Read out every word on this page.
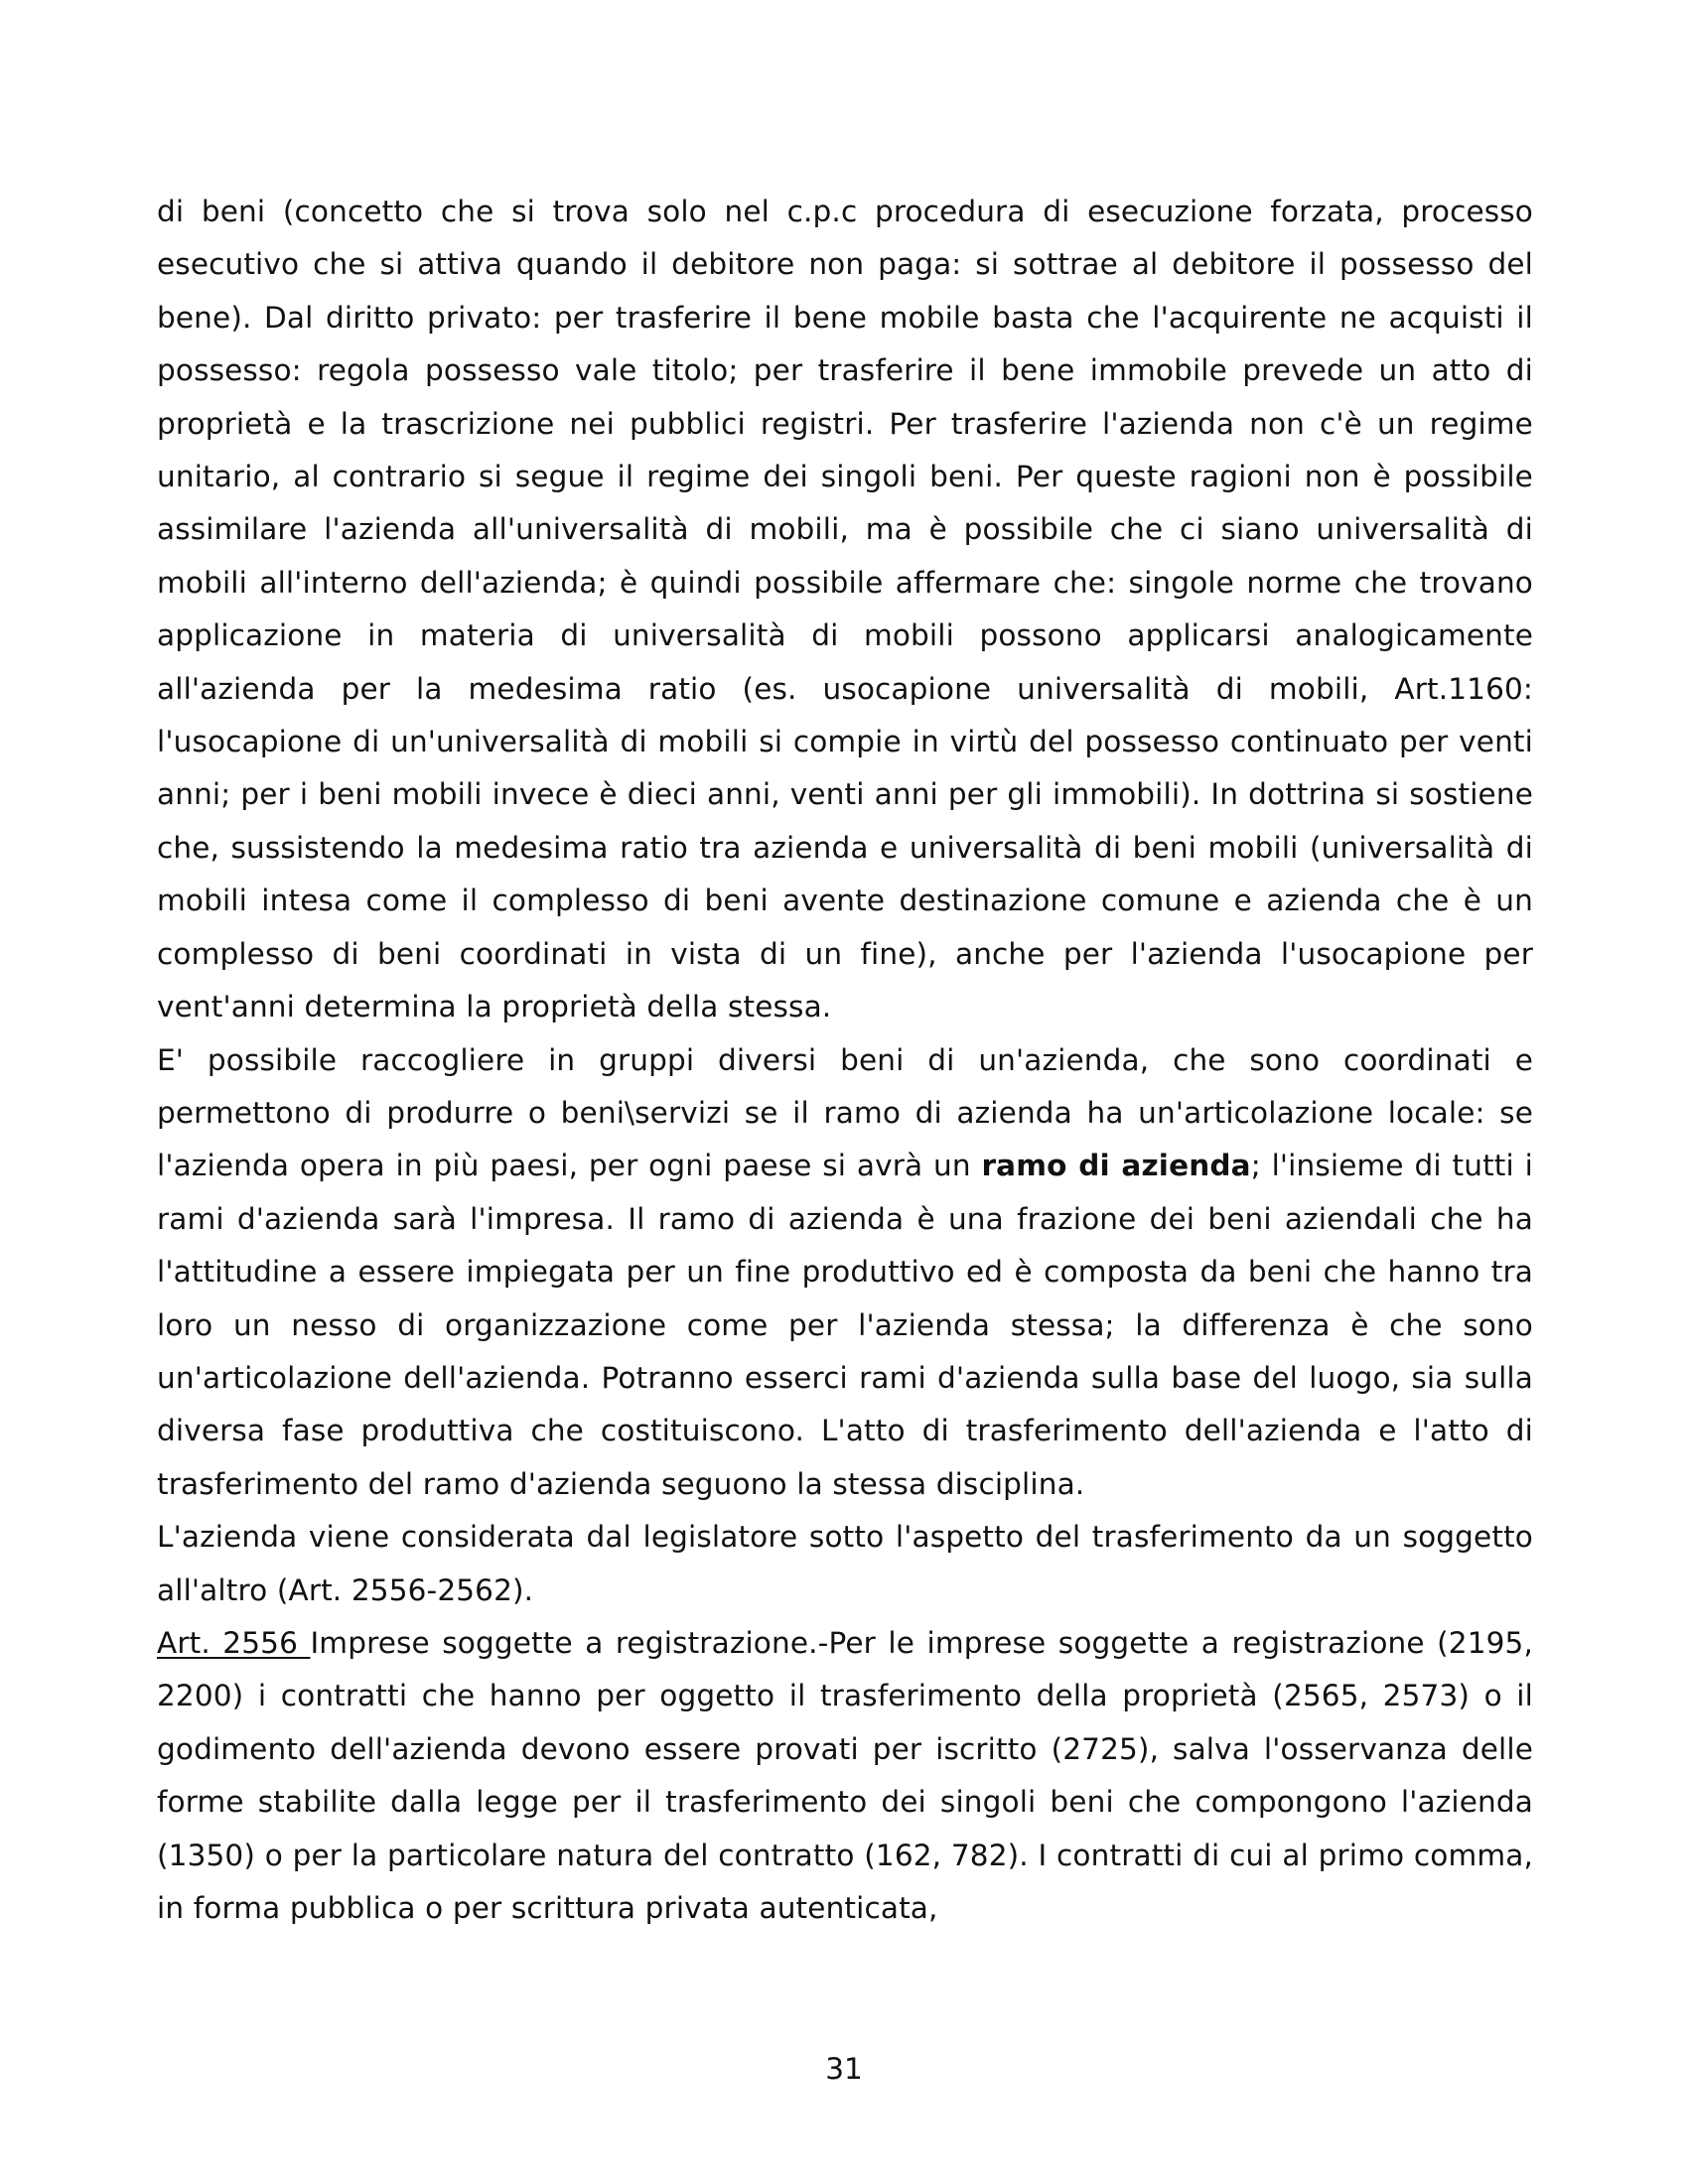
di beni (concetto che si trova solo nel c.p.c procedura di esecuzione forzata, processo esecutivo che si attiva quando il debitore non paga: si sottrae al debitore il possesso del bene). Dal diritto privato: per trasferire il bene mobile basta che l'acquirente ne acquisti il possesso: regola possesso vale titolo; per trasferire il bene immobile prevede un atto di proprietà e la trascrizione nei pubblici registri. Per trasferire l'azienda non c'è un regime unitario, al contrario si segue il regime dei singoli beni. Per queste ragioni non è possibile assimilare l'azienda all'universalità di mobili, ma è possibile che ci siano universalità di mobili all'interno dell'azienda; è quindi possibile affermare che: singole norme che trovano applicazione in materia di universalità di mobili possono applicarsi analogicamente all'azienda per la medesima ratio (es. usocapione universalità di mobili, Art.1160: l'usocapione di un'universalità di mobili si compie in virtù del possesso continuato per venti anni; per i beni mobili invece è dieci anni, venti anni per gli immobili). In dottrina si sostiene che, sussistendo la medesima ratio tra azienda e universalità di beni mobili (universalità di mobili intesa come il complesso di beni avente destinazione comune e azienda che è un complesso di beni coordinati in vista di un fine), anche per l'azienda l'usocapione per vent'anni determina la proprietà della stessa.

E' possibile raccogliere in gruppi diversi beni di un'azienda, che sono coordinati e permettono di produrre o beni\servizi se il ramo di azienda ha un'articolazione locale: se l'azienda opera in più paesi, per ogni paese si avrà un ramo di azienda; l'insieme di tutti i rami d'azienda sarà l'impresa. Il ramo di azienda è una frazione dei beni aziendali che ha l'attitudine a essere impiegata per un fine produttivo ed è composta da beni che hanno tra loro un nesso di organizzazione come per l'azienda stessa; la differenza è che sono un'articolazione dell'azienda. Potranno esserci rami d'azienda sulla base del luogo, sia sulla diversa fase produttiva che costituiscono. L'atto di trasferimento dell'azienda e l'atto di trasferimento del ramo d'azienda seguono la stessa disciplina.

L'azienda viene considerata dal legislatore sotto l'aspetto del trasferimento da un soggetto all'altro (Art. 2556-2562).

Art. 2556 Imprese soggette a registrazione.-Per le imprese soggette a registrazione (2195, 2200) i contratti che hanno per oggetto il trasferimento della proprietà (2565, 2573) o il godimento dell'azienda devono essere provati per iscritto (2725), salva l'osservanza delle forme stabilite dalla legge per il trasferimento dei singoli beni che compongono l'azienda (1350) o per la particolare natura del contratto (162, 782). I contratti di cui al primo comma, in forma pubblica o per scrittura privata autenticata,

31
